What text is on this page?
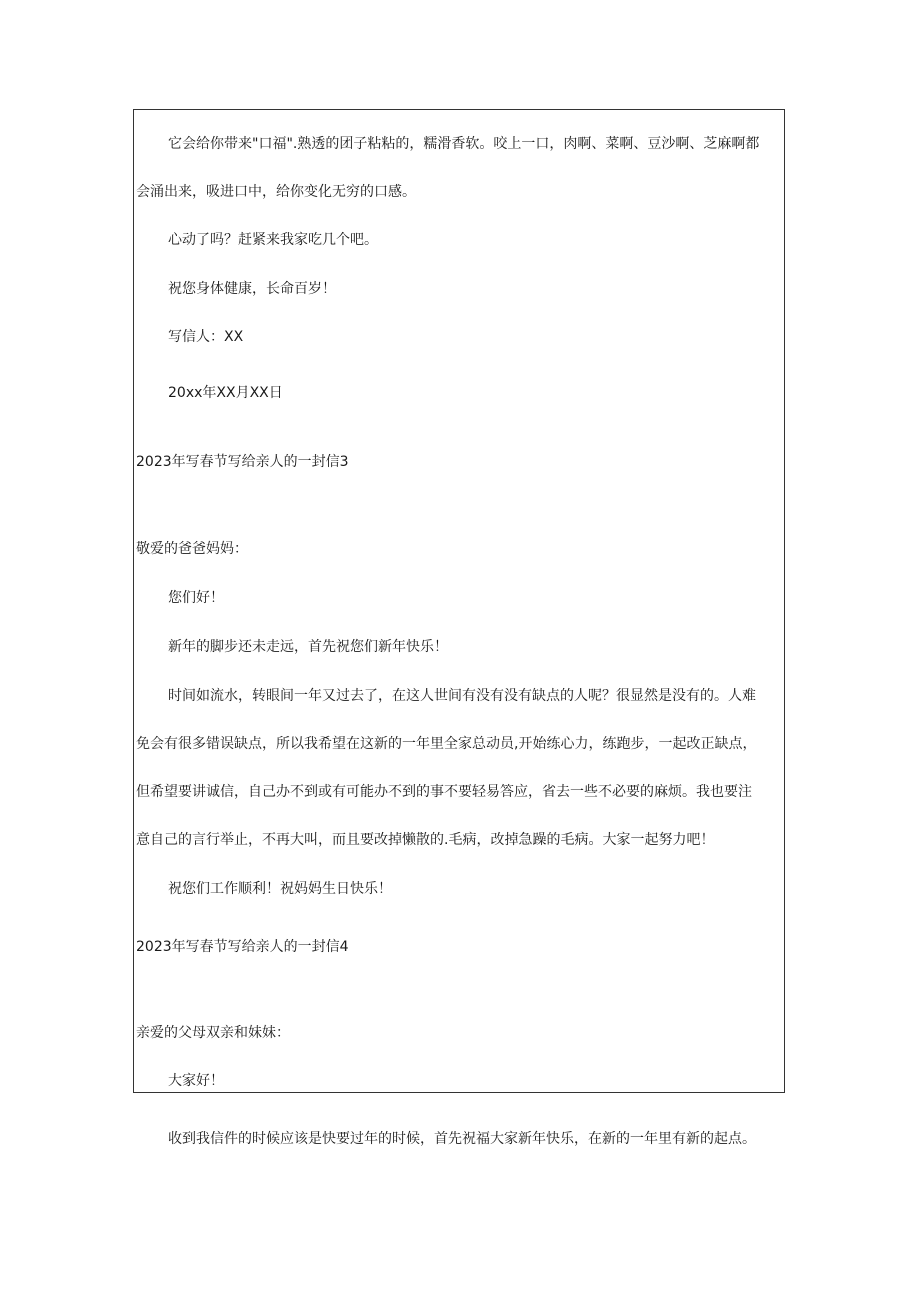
它会给你带来"口福".熟透的团子粘粘的，糯滑香软。咬上一口，肉啊、菜啊、豆沙啊、芝麻啊都
会涌出来，吸进口中，给你变化无穷的口感。
心动了吗？赶紧来我家吃几个吧。
祝您身体健康，长命百岁！
写信人：XX
20xx年XX月XX日
2023年写春节写给亲人的一封信3
敬爱的爸爸妈妈：
您们好！
新年的脚步还未走远，首先祝您们新年快乐！
时间如流水，转眼间一年又过去了，在这人世间有没有没有缺点的人呢？很显然是没有的。人难
免会有很多错误缺点，所以我希望在这新的一年里全家总动员,开始练心力，练跑步，一起改正缺点，
但希望要讲诚信，自己办不到或有可能办不到的事不要轻易答应，省去一些不必要的麻烦。我也要注
意自己的言行举止，不再大叫，而且要改掉懒散的.毛病，改掉急躁的毛病。大家一起努力吧！
祝您们工作顺利！祝妈妈生日快乐！
2023年写春节写给亲人的一封信4
亲爱的父母双亲和妹妹：
大家好！
收到我信件的时候应该是快要过年的时候，首先祝福大家新年快乐，在新的一年里有新的起点。
